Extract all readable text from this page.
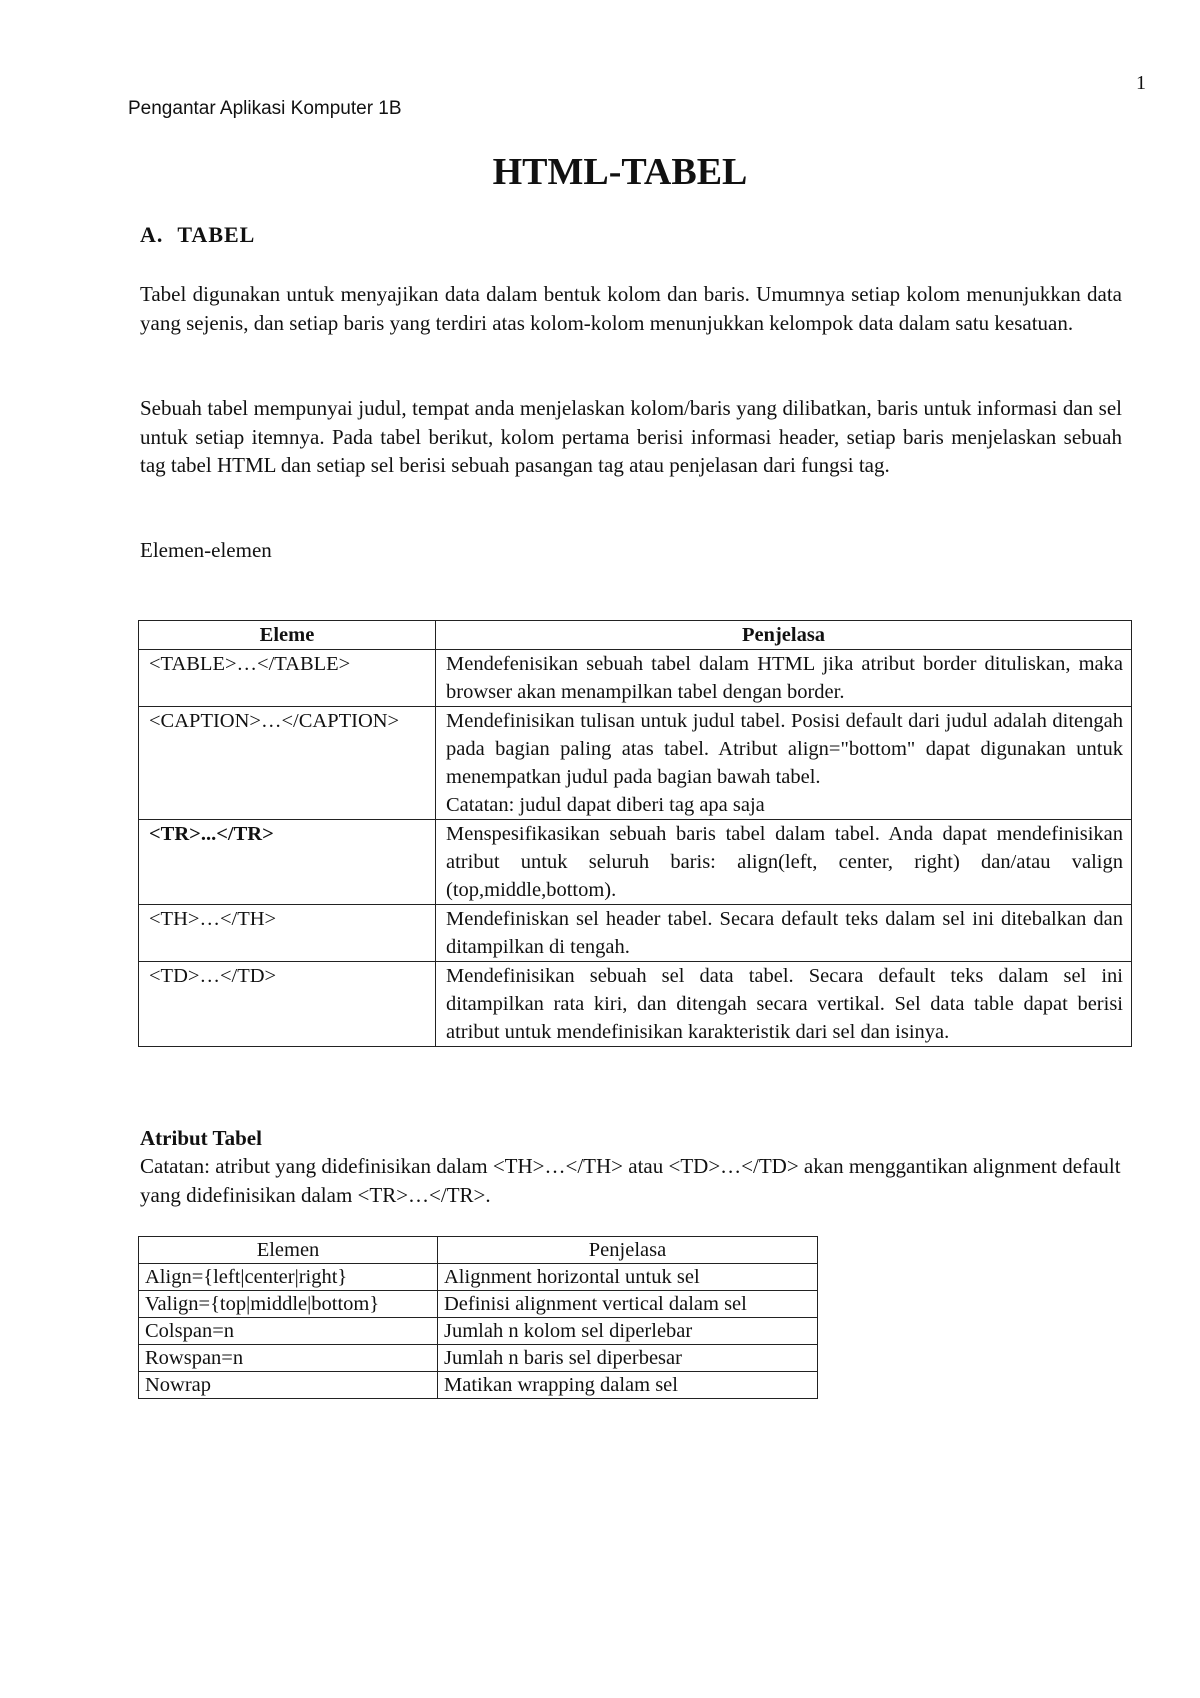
1
Pengantar Aplikasi Komputer 1B
HTML-TABEL
A. TABEL

Tabel digunakan untuk menyajikan data dalam bentuk kolom dan baris. Umumnya setiap kolom menunjukkan data yang sejenis, dan setiap baris yang terdiri atas kolom-kolom menunjukkan kelompok data dalam satu kesatuan.

Sebuah tabel mempunyai judul, tempat anda menjelaskan kolom/baris yang dilibatkan, baris untuk informasi dan sel untuk setiap itemnya. Pada tabel berikut, kolom pertama berisi informasi header, setiap baris menjelaskan sebuah tag tabel HTML dan setiap sel berisi sebuah pasangan tag atau penjelasan dari fungsi tag.

Elemen-elemen

Eleme	Penjelasa
<TABLE>…</TABLE>	Mendefenisikan sebuah tabel dalam HTML jika atribut border dituliskan, maka browser akan menampilkan tabel dengan border.
<CAPTION>…</CAPTION>	Mendefinisikan tulisan untuk judul tabel. Posisi default dari judul adalah ditengah pada bagian paling atas tabel. Atribut align="bottom" dapat digunakan untuk menempatkan judul pada bagian bawah tabel.
Catatan: judul dapat diberi tag apa saja

<TR>...</TR>	Menspesifikasikan sebuah baris tabel dalam tabel. Anda dapat mendefinisikan atribut untuk seluruh baris: align(left, center, right) dan/atau valign (top,middle,bottom).
<TH>…</TH>	Mendefiniskan sel header tabel. Secara default teks dalam sel ini ditebalkan dan ditampilkan di tengah.
<TD>…</TD>	Mendefinisikan sebuah sel data tabel. Secara default teks dalam sel ini ditampilkan rata kiri, dan ditengah secara vertikal. Sel data table dapat berisi atribut untuk mendefinisikan karakteristik dari sel dan isinya.
Atribut Tabel
Catatan: atribut yang didefinisikan dalam <TH>…</TH> atau <TD>…</TD> akan menggantikan alignment default yang didefinisikan dalam <TR>…</TR>.
Elemen	Penjelasa
Align={left|center|right}	Alignment horizontal untuk sel
Valign={top|middle|bottom}	Definisi alignment vertical dalam sel
Colspan=n	Jumlah n kolom sel diperlebar
Rowspan=n	Jumlah n baris sel diperbesar
Nowrap	Matikan wrapping dalam sel
